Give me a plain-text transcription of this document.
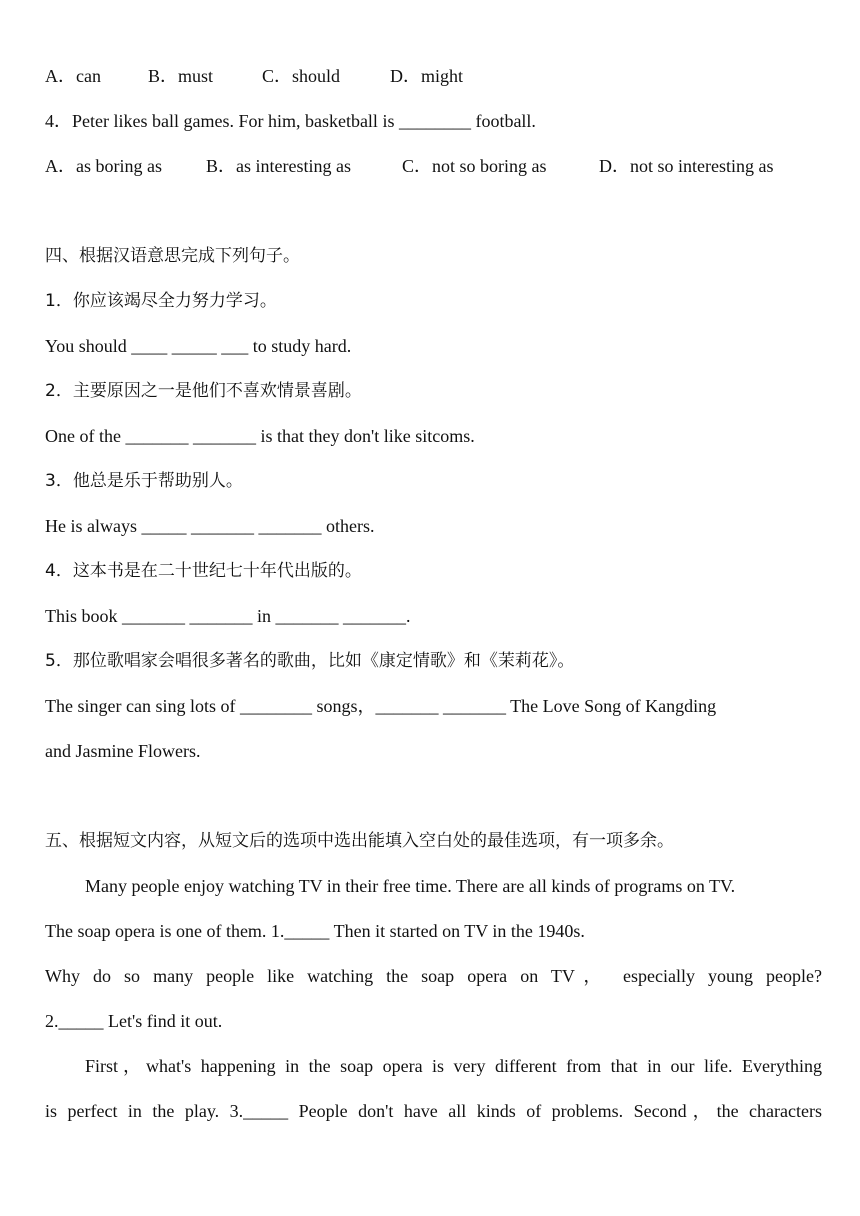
A．can	B．must	C．should	D．might
4．Peter likes ball games. For him, basketball is ________ football.
A．as boring as B．as interesting as	C．not so boring as	D．not so interesting as
四、根据汉语意思完成下列句子。
1．你应该竭尽全力努力学习。
You should ____ _____ ___ to study hard.
2．主要原因之一是他们不喜欢情景喜剧。
One of the _______ _______ is that they don't like sitcoms.
3．他总是乐于帮助别人。
He is always _____ _______ _______ others.
4．这本书是在二十世纪七十年代出版的。
This book _______ _______ in _______ _______.
5．那位歌唱家会唱很多著名的歌曲，比如《康定情歌》和《茉莉花》。
The singer can sing lots of ________ songs，_______ _______ The Love Song of Kangding
and Jasmine Flowers.
五、根据短文内容，从短文后的选项中选出能填入空白处的最佳选项，有一项多余。
Many people enjoy watching TV in their free time. There are all kinds of programs on TV.
The soap opera is one of them. 1._____ Then it started on TV in the 1940s.
Why do so many people like watching the soap opera on TV， especially young people?
2._____ Let's find it out.
First，what's happening in the soap opera is very different from that in our life. Everything
is perfect in the play. 3._____ People don't have all kinds of problems. Second，the characters
